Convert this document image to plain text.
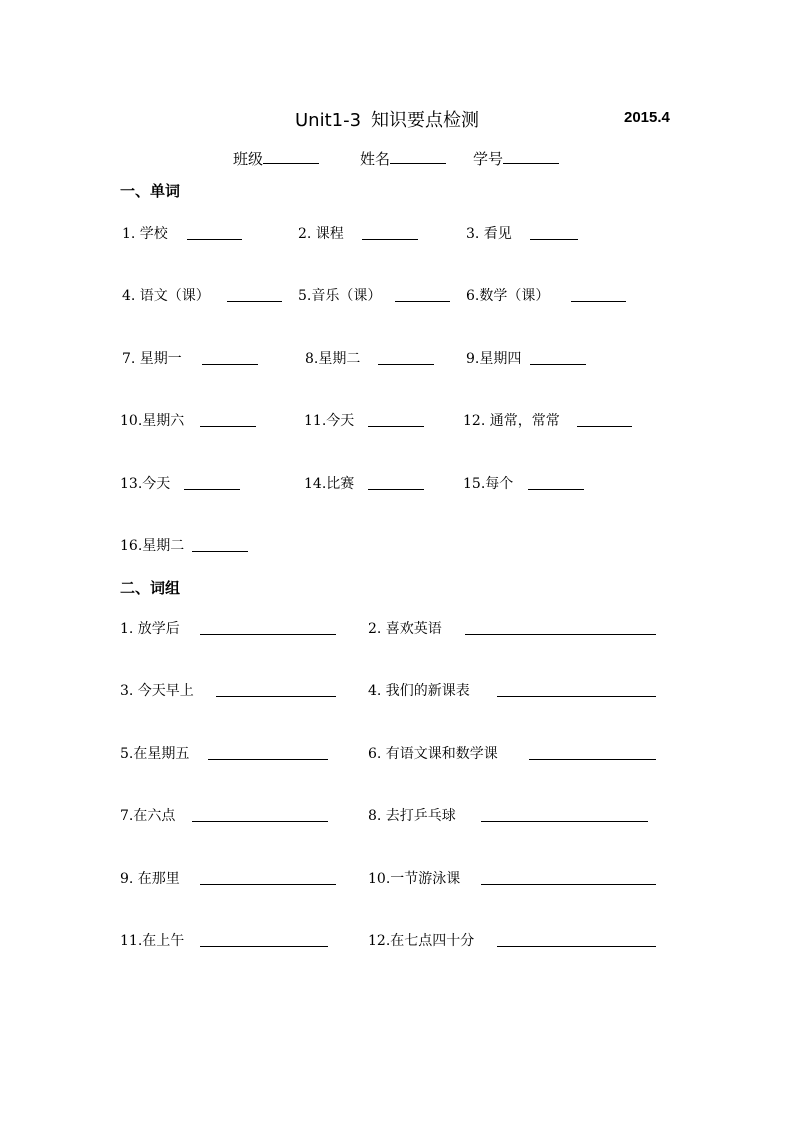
Unit1-3 知识要点检测	2015.4
班级	姓名	学号
一、单词
1. 学校	2. 课程	3. 看见
4. 语文（课）	5.音乐（课）	6.数学（课）
7. 星期一	8.星期二	9.星期四
10.星期六	11.今天	12. 通常，常常
13.今天	14.比赛	15.每个
16.星期二
二、词组
1. 放学后	2. 喜欢英语
3. 今天早上	4. 我们的新课表
5.在星期五	6. 有语文课和数学课
7.在六点	8. 去打乒乓球
9. 在那里	10.一节游泳课
11.在上午	12.在七点四十分
